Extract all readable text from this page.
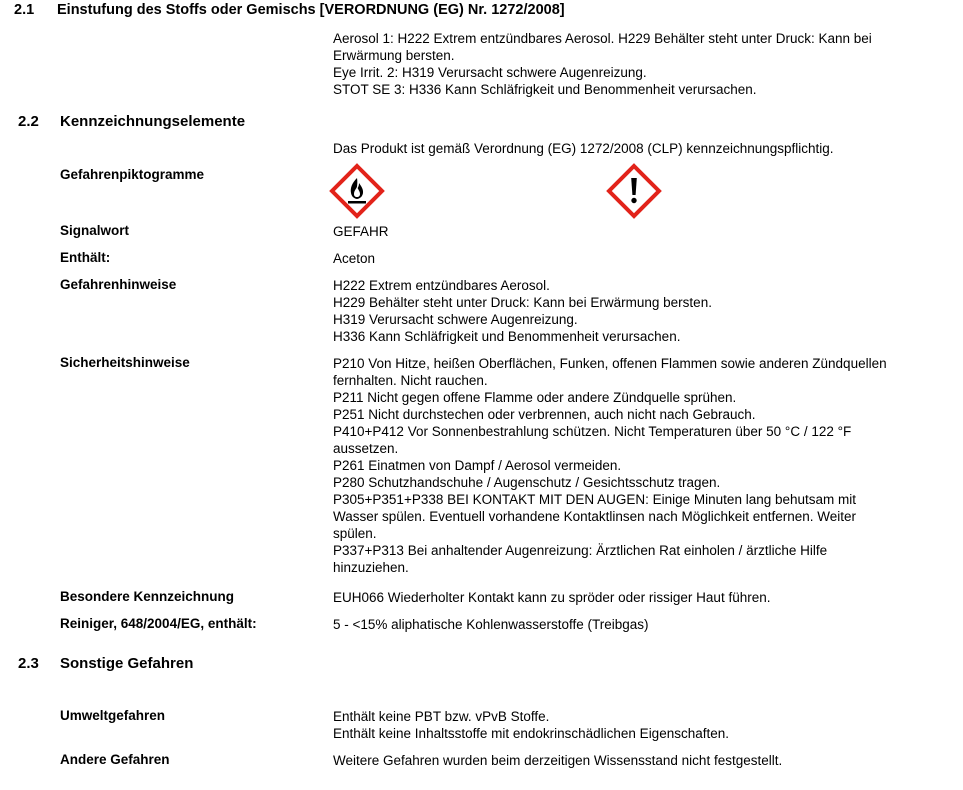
2.1 Einstufung des Stoffs oder Gemischs [VERORDNUNG (EG) Nr. 1272/2008]
Aerosol 1: H222 Extrem entzündbares Aerosol. H229 Behälter steht unter Druck: Kann bei
Erwärmung bersten.
Eye Irrit. 2: H319 Verursacht schwere Augenreizung.
STOT SE 3: H336 Kann Schläfrigkeit und Benommenheit verursachen.
2.2 Kennzeichnungselemente
Das Produkt ist gemäß Verordnung (EG) 1272/2008 (CLP) kennzeichnungspflichtig.
Gefahrenpiktogramme
Signalwort	GEFAHR
Enthält:	Aceton
Gefahrenhinweise	H222 Extrem entzündbares Aerosol.
H229 Behälter steht unter Druck: Kann bei Erwärmung bersten.
H319 Verursacht schwere Augenreizung.
H336 Kann Schläfrigkeit und Benommenheit verursachen.
Sicherheitshinweise	P210 Von Hitze, heißen Oberflächen, Funken, offenen Flammen sowie anderen Zündquellen
fernhalten. Nicht rauchen.
P211 Nicht gegen offene Flamme oder andere Zündquelle sprühen.
P251 Nicht durchstechen oder verbrennen, auch nicht nach Gebrauch.
P410+P412 Vor Sonnenbestrahlung schützen. Nicht Temperaturen über 50 °C / 122 °F
aussetzen.
P261 Einatmen von Dampf / Aerosol vermeiden.
P280 Schutzhandschuhe / Augenschutz / Gesichtsschutz tragen.
P305+P351+P338 BEI KONTAKT MIT DEN AUGEN: Einige Minuten lang behutsam mit
Wasser spülen. Eventuell vorhandene Kontaktlinsen nach Möglichkeit entfernen. Weiter
spülen.
P337+P313 Bei anhaltender Augenreizung: Ärztlichen Rat einholen / ärztliche Hilfe
hinzuziehen.
Besondere Kennzeichnung	EUH066 Wiederholter Kontakt kann zu spröder oder rissiger Haut führen.
Reiniger, 648/2004/EG, enthält:	5 - <15% aliphatische Kohlenwasserstoffe (Treibgas)
2.3 Sonstige Gefahren
Umweltgefahren	Enthält keine PBT bzw. vPvB Stoffe.
Enthält keine Inhaltsstoffe mit endokrinschädlichen Eigenschaften.
Andere Gefahren	Weitere Gefahren wurden beim derzeitigen Wissensstand nicht festgestellt.
